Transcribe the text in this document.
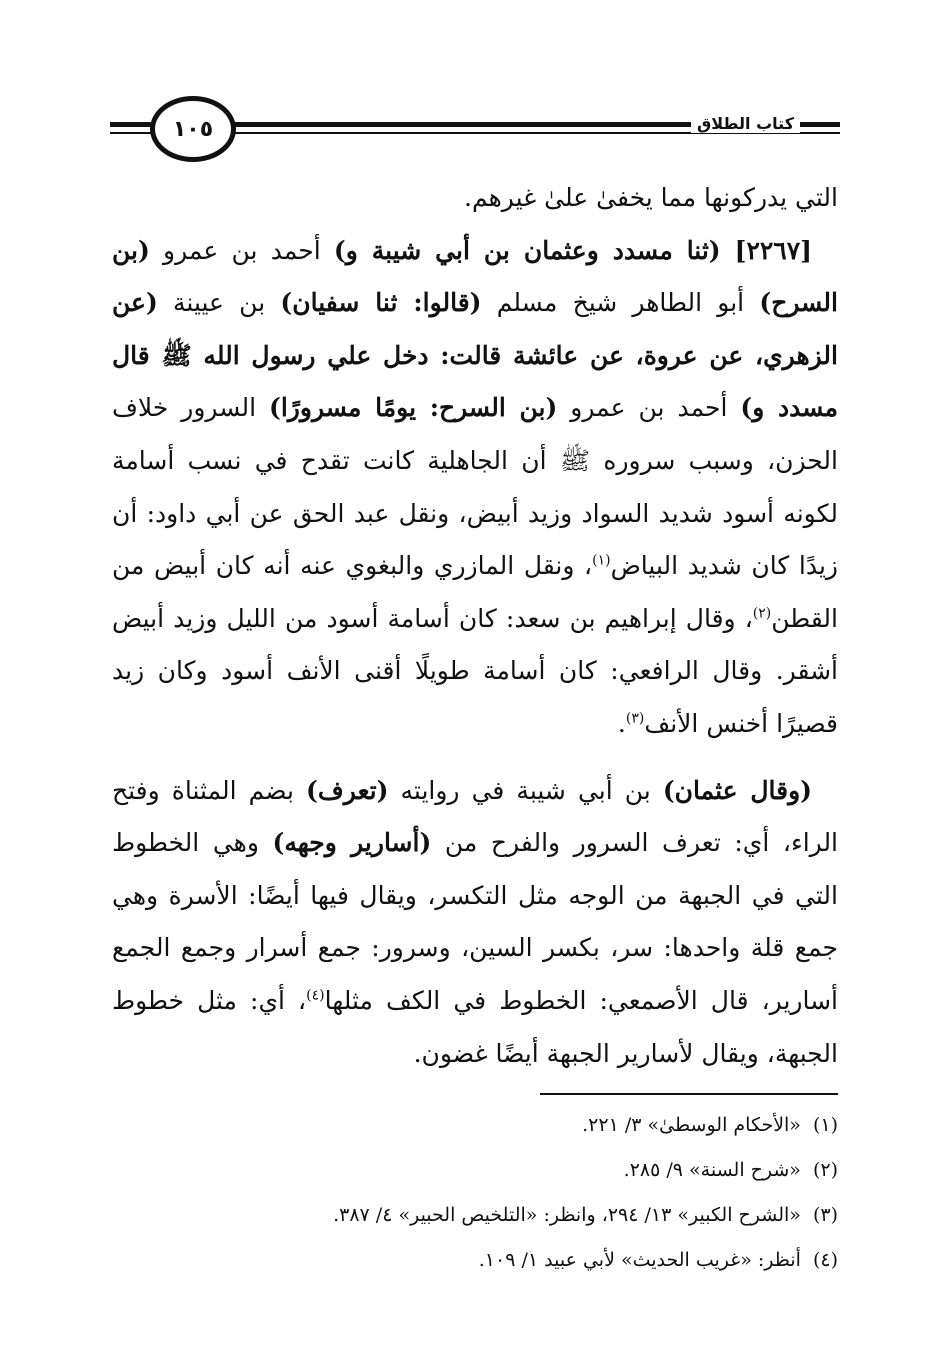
١٠٥	كتاب الطلاق

التي يدركونها مما يخفىٰ علىٰ غيرهم.

[٢٢٦٧] (ثنا مسدد وعثمان بن أبي شيبة و) أحمد بن عمرو (بن السرح) أبو الطاهر شيخ مسلم (قالوا: ثنا سفيان) بن عيينة (عن الزهري، عن عروة، عن عائشة قالت: دخل علي رسول الله ﷺ قال مسدد و) أحمد بن عمرو (بن السرح: يومًا مسرورًا) السرور خلاف الحزن، وسبب سروره ﷺ أن الجاهلية كانت تقدح في نسب أسامة لكونه أسود شديد السواد وزيد أبيض، ونقل عبد الحق عن أبي داود: أن زيدًا كان شديد البياض$^{(١)}$، ونقل المازري والبغوي عنه أنه كان أبيض من القطن$^{(٢)}$، وقال إبراهيم بن سعد: كان أسامة أسود من الليل وزيد أبيض أشقر. وقال الرافعي: كان أسامة طويلًا أقنى الأنف أسود وكان زيد قصيرًا أخنس الأنف$^{(٣)}$.

(وقال عثمان) بن أبي شيبة في روايته (تعرف) بضم المثناة وفتح الراء، أي: تعرف السرور والفرح من (أسارير وجهه) وهي الخطوط التي في الجبهة من الوجه مثل التكسر، ويقال فيها أيضًا: الأسرة وهي جمع قلة واحدها: سر، بكسر السين، وسرور: جمع أسرار وجمع الجمع أسارير، قال الأصمعي: الخطوط في الكف مثلها$^{(٤)}$، أي: مثل خطوط الجبهة، ويقال لأسارير الجبهة أيضًا غضون.

(١)«الأحكام الوسطىٰ» ٣/ ٢٢١.
(٢)«شرح السنة» ٩/ ٢٨٥.
(٣)«الشرح الكبير» ١٣/ ٢٩٤، وانظر: «التلخيص الحبير» ٤/ ٣٨٧.
(٤)أنظر: «غريب الحديث» لأبي عبيد ١/ ١٠٩.
